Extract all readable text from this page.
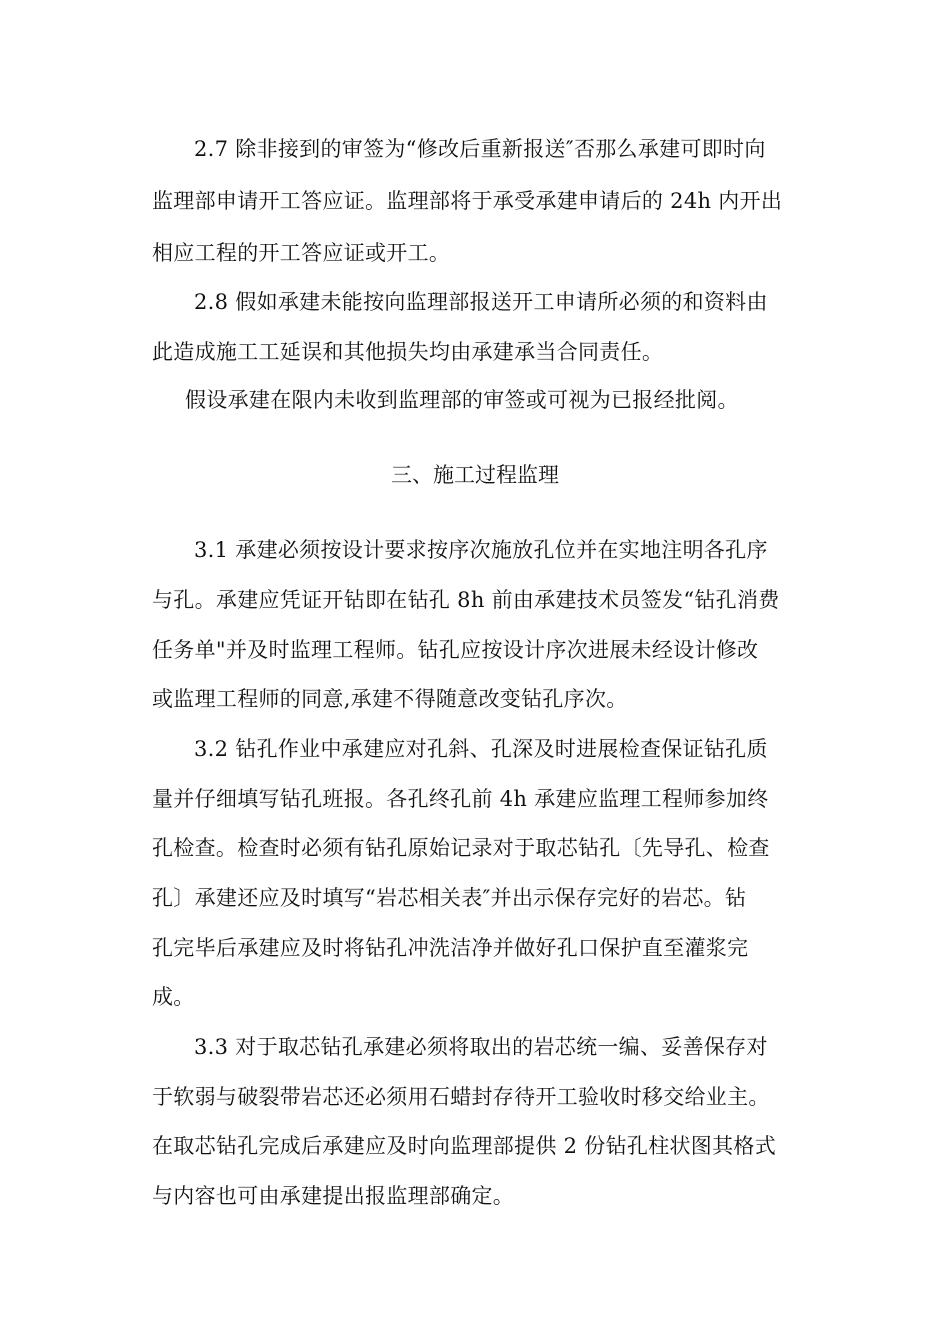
2.7 除非接到的审签为“修改后重新报送″否那么承建可即时向
监理部申请开工答应证。监理部将于承受承建申请后的 24h 内开出
相应工程的开工答应证或开工。
2.8 假如承建未能按向监理部报送开工申请所必须的和资料由
此造成施工工延误和其他损失均由承建承当合同责任。
假设承建在限内未收到监理部的审签或可视为已报经批阅。
三、施工过程监理
3.1 承建必须按设计要求按序次施放孔位并在实地注明各孔序
与孔。承建应凭证开钻即在钻孔 8h 前由承建技术员签发“钻孔消费
任务单"并及时监理工程师。钻孔应按设计序次进展未经设计修改
或监理工程师的同意,承建不得随意改变钻孔序次。
3.2 钻孔作业中承建应对孔斜、孔深及时进展检查保证钻孔质
量并仔细填写钻孔班报。各孔终孔前 4h 承建应监理工程师参加终
孔检查。检查时必须有钻孔原始记录对于取芯钻孔〔先导孔、检查
孔〕承建还应及时填写“岩芯相关表″并出示保存完好的岩芯。钻
孔完毕后承建应及时将钻孔冲洗洁净并做好孔口保护直至灌浆完
成。
3.3 对于取芯钻孔承建必须将取出的岩芯统一编、妥善保存对
于软弱与破裂带岩芯还必须用石蜡封存待开工验收时移交给业主。
在取芯钻孔完成后承建应及时向监理部提供 2 份钻孔柱状图其格式
与内容也可由承建提出报监理部确定。
